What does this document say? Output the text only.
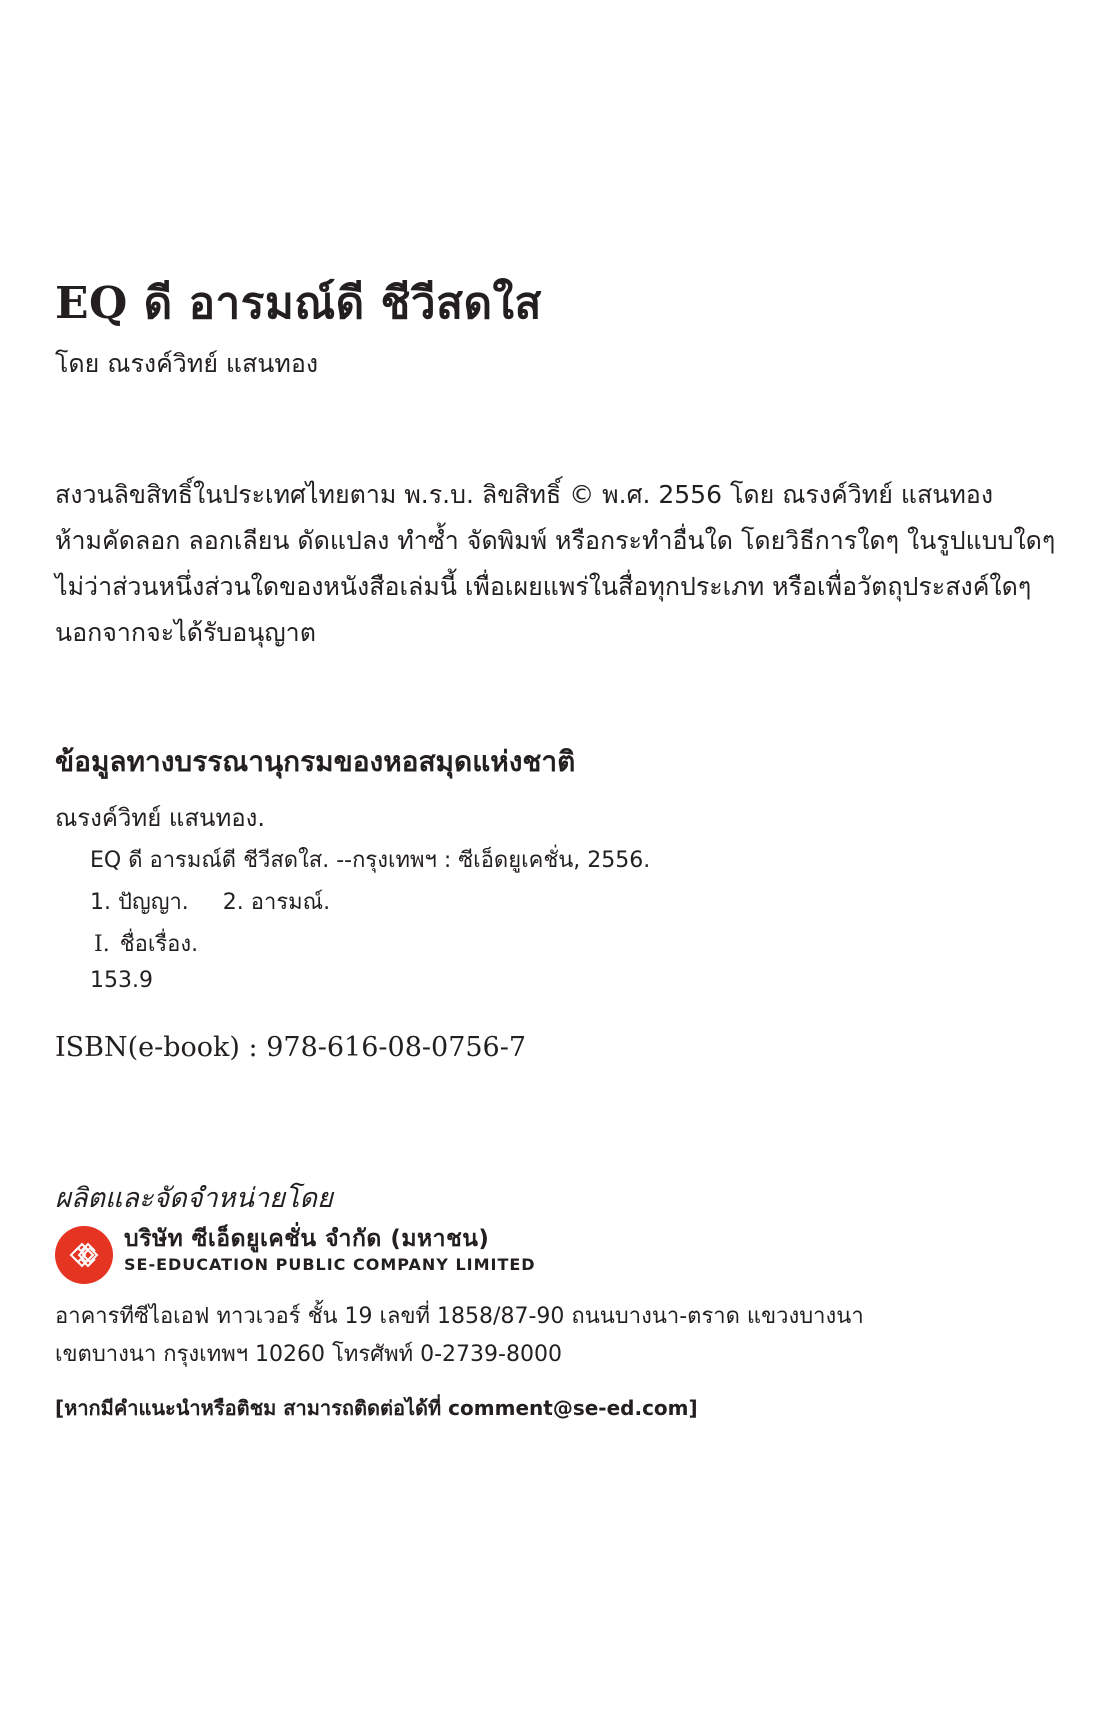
EQ ดี อารมณ์ดี ชีวีสดใส
โดย ณรงค์วิทย์ แสนทอง
สงวนลิขสิทธิ์ในประเทศไทยตาม พ.ร.บ. ลิขสิทธิ์ © พ.ศ. 2556 โดย ณรงค์วิทย์ แสนทอง
ห้ามคัดลอก ลอกเลียน ดัดแปลง ทำซ้ำ จัดพิมพ์ หรือกระทำอื่นใด โดยวิธีการใดๆ ในรูปแบบใดๆ
ไม่ว่าส่วนหนึ่งส่วนใดของหนังสือเล่มนี้ เพื่อเผยแพร่ในสื่อทุกประเภท หรือเพื่อวัตถุประสงค์ใดๆ
นอกจากจะได้รับอนุญาต
ข้อมูลทางบรรณานุกรมของหอสมุดแห่งชาติ
ณรงค์วิทย์ แสนทอง.
EQ ดี อารมณ์ดี ชีวีสดใส. --กรุงเทพฯ : ซีเอ็ดยูเคชั่น, 2556.
1. ปัญญา. 2. อารมณ์.
I. ชื่อเรื่อง.
153.9
ISBN(e-book) : 978-616-08-0756-7
ผลิตและจัดจำหน่ายโดย
บริษัท ซีเอ็ดยูเคชั่น จำกัด (มหาชน)
SE-EDUCATION PUBLIC COMPANY LIMITED
อาคารทีซีไอเอฟ ทาวเวอร์ ชั้น 19 เลขที่ 1858/87-90 ถนนบางนา-ตราด แขวงบางนา
เขตบางนา กรุงเทพฯ 10260 โทรศัพท์ 0-2739-8000
[หากมีคำแนะนำหรือติชม สามารถติดต่อได้ที่ comment@se-ed.com]
